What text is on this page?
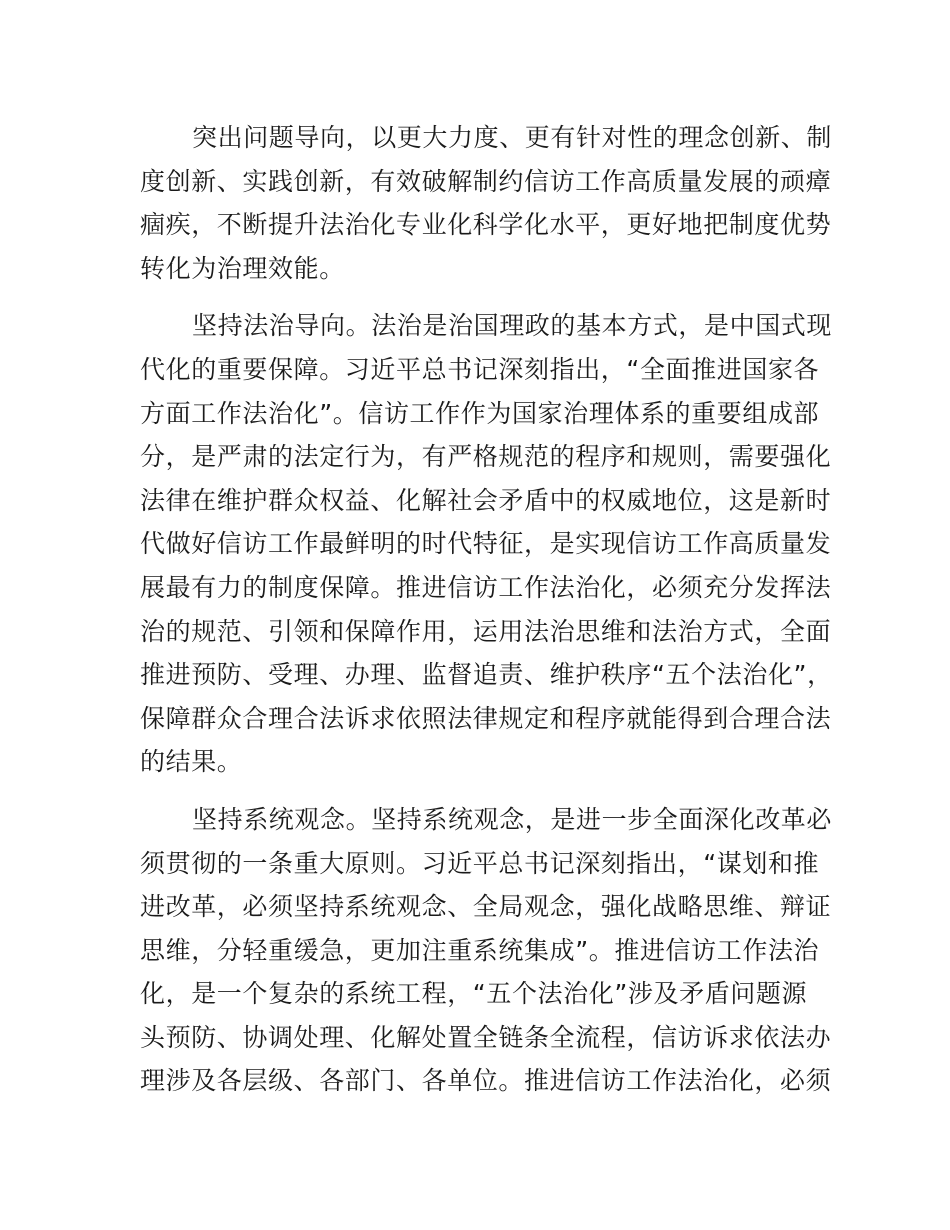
突出问题导向，以更大力度、更有针对性的理念创新、制
度创新、实践创新，有效破解制约信访工作高质量发展的顽瘴
痼疾，不断提升法治化专业化科学化水平，更好地把制度优势
转化为治理效能。
坚持法治导向。法治是治国理政的基本方式，是中国式现
代化的重要保障。习近平总书记深刻指出，“全面推进国家各
方面工作法治化”。信访工作作为国家治理体系的重要组成部
分，是严肃的法定行为，有严格规范的程序和规则，需要强化
法律在维护群众权益、化解社会矛盾中的权威地位，这是新时
代做好信访工作最鲜明的时代特征，是实现信访工作高质量发
展最有力的制度保障。推进信访工作法治化，必须充分发挥法
治的规范、引领和保障作用，运用法治思维和法治方式，全面
推进预防、受理、办理、监督追责、维护秩序“五个法治化”，
保障群众合理合法诉求依照法律规定和程序就能得到合理合法
的结果。
坚持系统观念。坚持系统观念，是进一步全面深化改革必
须贯彻的一条重大原则。习近平总书记深刻指出，“谋划和推
进改革，必须坚持系统观念、全局观念，强化战略思维、辩证
思维，分轻重缓急，更加注重系统集成”。推进信访工作法治
化，是一个复杂的系统工程，“五个法治化”涉及矛盾问题源
头预防、协调处理、化解处置全链条全流程，信访诉求依法办
理涉及各层级、各部门、各单位。推进信访工作法治化，必须
